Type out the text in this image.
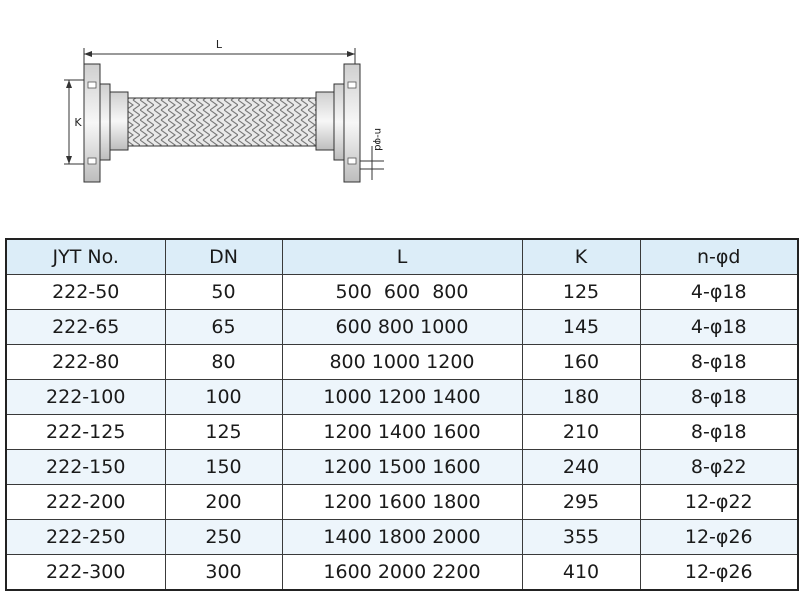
L
K
n-φd
JYT No.	DN	L	K	n-φd
222-50	50	500  600  800	125	4-φ18
222-65	65	600 800 1000	145	4-φ18
222-80	80	800 1000 1200	160	8-φ18
222-100	100	1000 1200 1400	180	8-φ18
222-125	125	1200 1400 1600	210	8-φ18
222-150	150	1200 1500 1600	240	8-φ22
222-200	200	1200 1600 1800	295	12-φ22
222-250	250	1400 1800 2000	355	12-φ26
222-300	300	1600 2000 2200	410	12-φ26
